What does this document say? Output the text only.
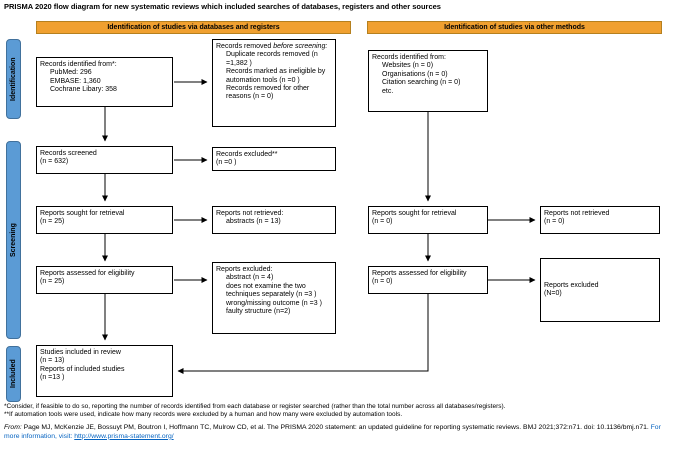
PRISMA 2020 flow diagram for new systematic reviews which included searches of databases, registers and other sources
Identification of studies via databases and registers	Identification of studies via other methods
Identification
Screening
Included
Records identified from*:
PubMed: 296
EMBASE: 1,360
Cochrane Libary: 358
Records screened
(n = 632)
Reports sought for retrieval
(n = 25)
Reports assessed for eligibility
(n = 25)
Studies included in review
(n = 13)
Reports of included studies
(n =13 )
Records removed before screening:
Duplicate records removed (n =1,382 )
Records marked as ineligible by automation tools (n =0 )
Records removed for other reasons (n = 0)
Records excluded**
(n =0 )
Reports not retrieved:
abstracts (n = 13)
Reports excluded:
abstract (n = 4)
does not examine the two techniques separately (n =3 )
wrong/missing outcome (n =3 )
faulty structure (n=2)
Records identified from:
Websites (n = 0)
Organisations (n = 0)
Citation searching (n = 0)
etc.
Reports sought for retrieval
(n = 0)
Reports assessed for eligibility
(n = 0)
Reports not retrieved
(n = 0)
Reports excluded
(N=0)
*Consider, if feasible to do so, reporting the number of records identified from each database or register searched (rather than the total number across all databases/registers).
**If automation tools were used, indicate how many records were excluded by a human and how many were excluded by automation tools.
From: Page MJ, McKenzie JE, Bossuyt PM, Boutron I, Hoffmann TC, Mulrow CD, et al. The PRISMA 2020 statement: an updated guideline for reporting systematic reviews. BMJ 2021;372:n71. doi: 10.1136/bmj.n71. For more information, visit: http://www.prisma-statement.org/
